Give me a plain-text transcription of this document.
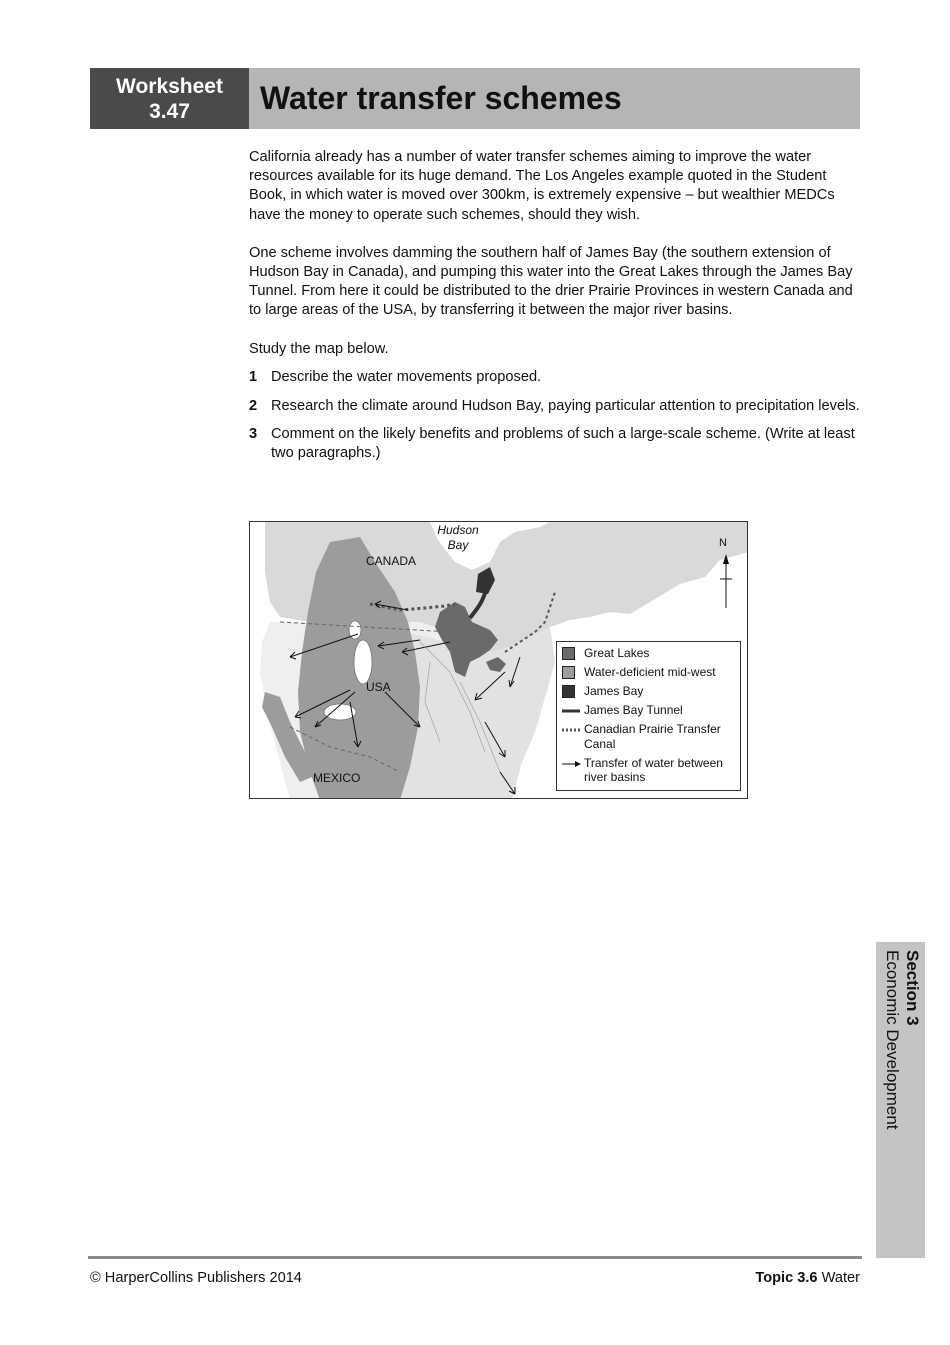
Worksheet
3.47	Water transfer schemes

California already has a number of water transfer schemes aiming to improve the water resources available for its huge demand. The Los Angeles example quoted in the Student Book, in which water is moved over 300km, is extremely expensive – but wealthier MEDCs have the money to operate such schemes, should they wish.

One scheme involves damming the southern half of James Bay (the southern extension of Hudson Bay in Canada), and pumping this water into the Great Lakes through the James Bay Tunnel. From here it could be distributed to the drier Prairie Provinces in western Canada and to large areas of the USA, by transferring it between the major river basins.

Study the map below.

1 Describe the water movements proposed.
2 Research the climate around Hudson Bay, paying particular attention to precipitation levels.
3 Comment on the likely benefits and problems of such a large-scale scheme. (Write at least two paragraphs.)
Hudson
Bay
CANADA
USA
MEXICO
N
Great Lakes
Water-deficient mid-west
James Bay
James Bay Tunnel
Canadian Prairie Transfer Canal
Transfer of water between river basins
Section 3
Economic Development
© HarperCollins Publishers 2014	Topic 3.6 Water
